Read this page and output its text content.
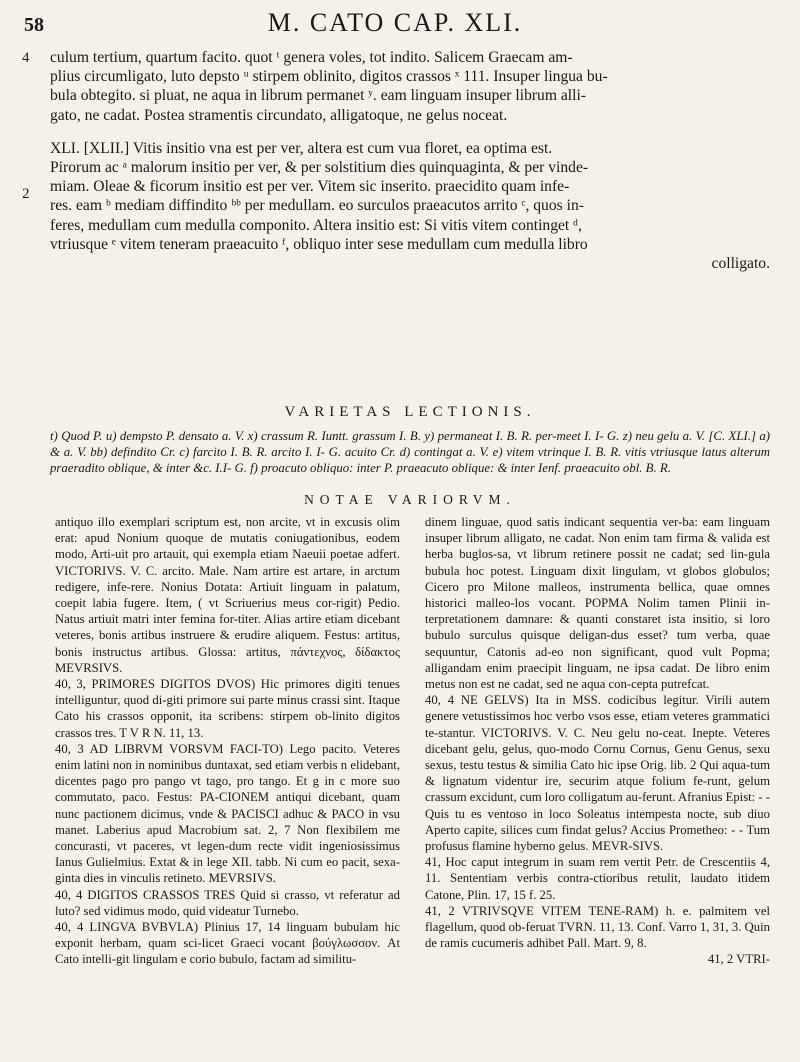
58	M. CATO CAP. XLI.
4
2

culum tertium, quartum facito. quot ᵗ genera voles, tot indito. Salicem Graecam am-

plius circumligato, luto depsto ᵘ stirpem oblinito, digitos crassos ˣ 111. Insuper lingua bu-

bula obtegito. si pluat, ne aqua in librum permanet ʸ. eam linguam insuper librum alli-

gato, ne cadat. Postea stramentis circundato, alligatoque, ne gelus noceat.

XLI. [XLII.] Vitis insitio vna est per ver, altera est cum vua floret, ea optima est.

Pirorum ac ᵃ malorum insitio per ver, & per solstitium dies quinquaginta, & per vinde-

miam. Oleae & ficorum insitio est per ver. Vitem sic inserito. praecidito quam infe-

res. eam ᵇ mediam diffindito ᵇᵇ per medullam. eo surculos praeacutos arrito ᶜ, quos in-

feres, medullam cum medulla componito. Altera insitio est: Si vitis vitem continget ᵈ,

vtriusque ᵉ vitem teneram praeacuito ᶠ, obliquo inter sese medullam cum medulla libro

colligato.

VARIETAS LECTIONIS.
t) Quod P. u) dempsto P. densato a. V. x) crassum R. Iuntt. grassum I. B. y) permaneat I. B. R. per-meet I. I- G. z) neu gelu a. V. [C. XLI.] a) & a. V. bb) defindito Cr. c) farcito I. B. R. arcito I. I- G. acuito Cr. d) contingat a. V. e) vitem vtrinque I. B. R. vitis vtriusque latus alterum praeradito oblique, & inter &c. I.I- G. f) proacuto obliquo: inter P. praeacuto oblique: & inter Ienf. praeacuito obl. B. R.
NOTAE VARIORVM.

antiquo illo exemplari scriptum est, non arcite, vt in excusis olim erat: apud Nonium quoque de mutatis coniugationibus, eodem modo, Arti-uit pro artauit, qui exempla etiam Naeuii poetae adfert. VICTORIVS. V. C. arcito. Male. Nam artire est artare, in arctum redigere, infe-rere. Nonius Dotata: Artiuit linguam in palatum, coepit labia fugere. Item, ( vt Scriuerius meus cor-rigit) Pedio. Natus artiuit matri inter femina for-titer. Alias artire etiam dicebant veteres, bonis artibus instruere & erudire aliquem. Festus: artitus, bonis instructus artibus. Glossa: artitus, πάντεχνος, δίδακτος MEVRSIVS.

40, 3, PRIMORES DIGITOS DVOS) Hic primores digiti tenues intelliguntur, quod di-giti primore sui parte minus crassi sint. Itaque Cato his crassos opponit, ita scribens: stirpem ob-linito digitos crassos tres. T V R N. 11, 13.

40, 3 AD LIBRVM VORSVM FACI-TO) Lego pacito. Veteres enim latini non in nominibus duntaxat, sed etiam verbis n elidebant, dicentes pago pro pango vt tago, pro tango. Et g in c more suo commutato, paco. Festus: PA-CIONEM antiqui dicebant, quam nunc pactionem dicimus, vnde & PACISCI adhuc & PACO in vsu manet. Laberius apud Macrobium sat. 2, 7 Non flexibilem me concurasti, vt paceres, vt legen-dum recte vidit ingeniosissimus Ianus Gulielmius. Extat & in lege XII. tabb. Ni cum eo pacit, sexa-ginta dies in vinculis retineto. MEVRSIVS.

40, 4 DIGITOS CRASSOS TRES Quid si crasso, vt referatur ad luto? sed vidimus modo, quid videatur Turnebo.

40, 4 LINGVA BVBVLA) Plinius 17, 14 linguam bubulam hic exponit herbam, quam sci-licet Graeci vocant βούγλωσσον. At Cato intelli-git lingulam e corio bubulo, factam ad similitu-

dinem linguae, quod satis indicant sequentia ver-ba: eam linguam insuper librum alligato, ne cadat. Non enim tam firma & valida est herba buglos-sa, vt librum retinere possit ne cadat; sed lin-gula bubula hoc potest. Linguam dixit lingulam, vt globos globulos; Cicero pro Milone malleos, instrumenta bellica, quae omnes historici malleo-los vocant. POPMA Nolim tamen Plinii in-terpretationem damnare: & quanti constaret ista insitio, si loro bubulo surculus quisque deligan-dus esset? tum verba, quae sequuntur, Catonis ad-eo non significant, quod vult Popma; alligandam enim praecipit linguam, ne ipsa cadat. De libro enim metus non est ne cadat, sed ne aqua con-cepta putrefcat.

40, 4 NE GELVS) Ita in MSS. codicibus legitur. Virili autem genere vetustissimos hoc verbo vsos esse, etiam veteres grammatici te-stantur. VICTORIVS. V. C. Neu gelu no-ceat. Inepte. Veteres dicebant gelu, gelus, quo-modo Cornu Cornus, Genu Genus, sexu sexus, testu testus & similia Cato hic ipse Orig. lib. 2 Qui aqua-tum & lignatum videntur ire, securim atque folium fe-runt, gelum crassum excidunt, cum loro colligatum au-ferunt. Afranius Epist: - - Quis tu es ventoso in loco Soleatus intempesta nocte, sub diuo Aperto capite, silices cum findat gelus? Accius Prometheo: - - Tum profusus flamine hyberno gelus. MEVR-SIVS.

41, Hoc caput integrum in suam rem vertit Petr. de Crescentiis 4, 11. Sententiam verbis contra-ctioribus retulit, laudato itidem Catone, Plin. 17, 15 f. 25.

41, 2 VTRIVSQVE VITEM TENE-RAM) h. e. palmitem vel flagellum, quod ob-feruat TVRN. 11, 13. Conf. Varro 1, 31, 3. Quin de ramis cucumeris adhibet Pall. Mart. 9, 8.

41, 2 VTRI-
